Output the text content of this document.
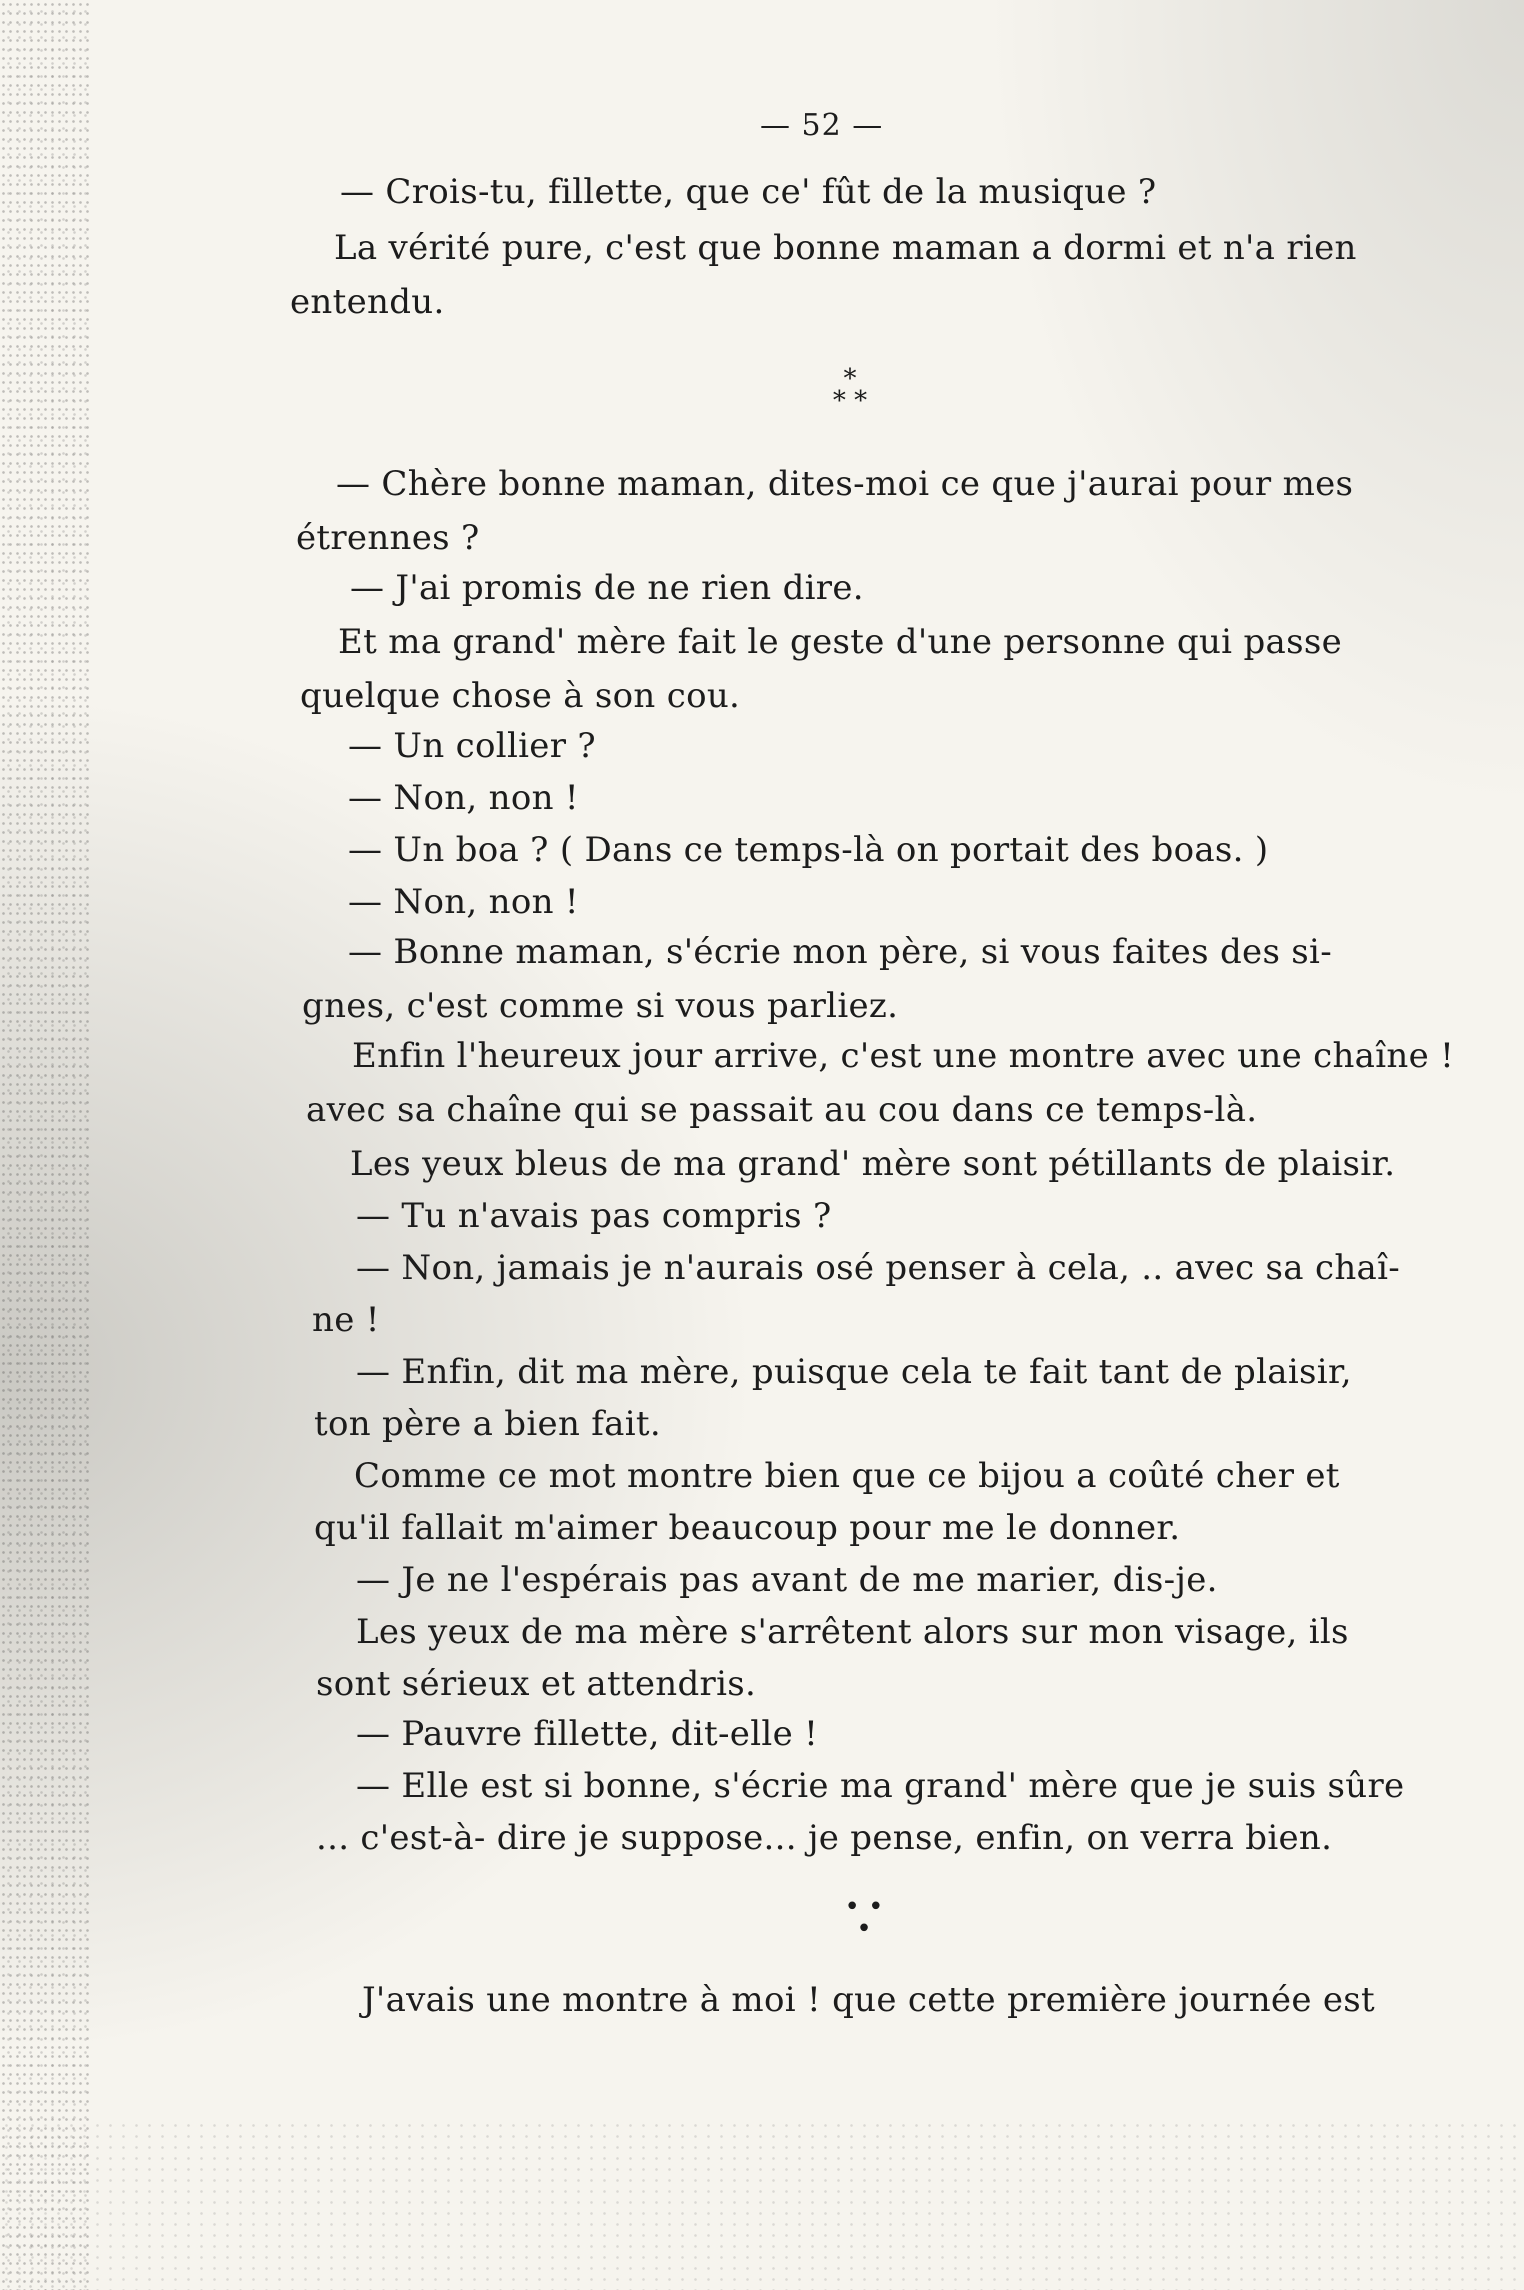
— 52 —
— Crois-tu, fillette, que ce' fût de la musique ?
La vérité pure, c'est que bonne maman a dormi et n'a rien
entendu.
*
* *
— Chère bonne maman, dites-moi ce que j'aurai pour mes
étrennes ?
— J'ai promis de ne rien dire.
Et ma grand' mère fait le geste d'une personne qui passe
quelque chose à son cou.
— Un collier ?
— Non, non !
— Un boa ? ( Dans ce temps-là on portait des boas. )
— Non, non !
— Bonne maman, s'écrie mon père, si vous faites des si-
gnes, c'est comme si vous parliez.
Enfin l'heureux jour arrive, c'est une montre avec une chaîne !
avec sa chaîne qui se passait au cou dans ce temps-là.
Les yeux bleus de ma grand' mère sont pétillants de plaisir.
— Tu n'avais pas compris ?
— Non, jamais je n'aurais osé penser à cela, .. avec sa chaî-
ne !
— Enfin, dit ma mère, puisque cela te fait tant de plaisir,
ton père a bien fait.
Comme ce mot montre bien que ce bijou a coûté cher et
qu'il fallait m'aimer beaucoup pour me le donner.
— Je ne l'espérais pas avant de me marier, dis-je.
Les yeux de ma mère s'arrêtent alors sur mon visage, ils
sont sérieux et attendris.
— Pauvre fillette, dit-elle !
— Elle est si bonne, s'écrie ma grand' mère que je suis sûre
... c'est-à- dire je suppose... je pense, enfin, on verra bien.
• •
•
J'avais une montre à moi ! que cette première journée est
